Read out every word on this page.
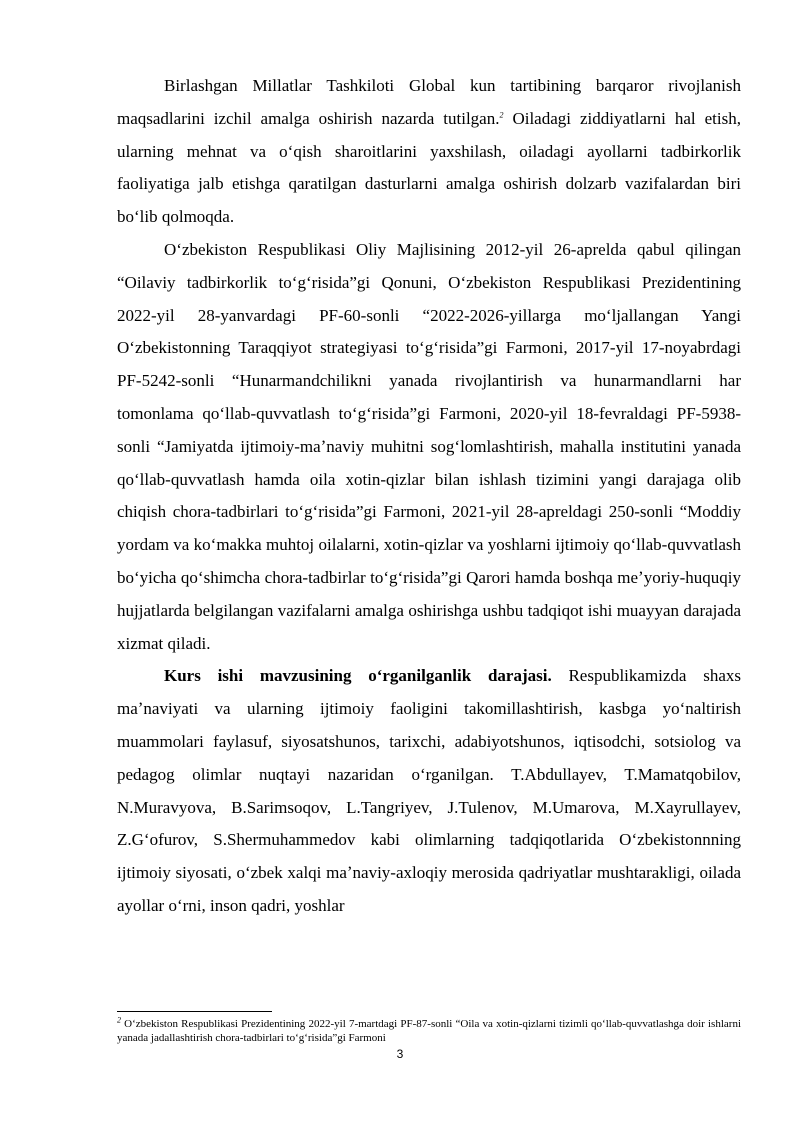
Birlashgan Millatlar Tashkiloti Global kun tartibining barqaror rivojlanish maqsadlarini izchil amalga oshirish nazarda tutilgan.$^2$ Oiladagi ziddiyatlarni hal etish, ularning mehnat va oʻqish sharoitlarini yaxshilash, oiladagi ayollarni tadbirkorlik faoliyatiga jalb etishga qaratilgan dasturlarni amalga oshirish dolzarb vazifalardan biri boʻlib qolmoqda.

Oʻzbekiston Respublikasi Oliy Majlisining 2012-yil 26-aprelda qabul qilingan “Oilaviy tadbirkorlik toʻgʻrisida”gi Qonuni, Oʻzbekiston Respublikasi Prezidentining 2022-yil 28-yanvardagi PF-60-sonli “2022-2026-yillarga moʻljallangan Yangi Oʻzbekistonning Taraqqiyot strategiyasi toʻgʻrisida”gi Farmoni, 2017-yil 17-noyabrdagi PF-5242-sonli “Hunarmandchilikni yanada rivojlantirish va hunarmandlarni har tomonlama qoʻllab-quvvatlash toʻgʻrisida”gi Farmoni, 2020-yil 18-fevraldagi PF-5938-sonli “Jamiyatda ijtimoiy-maʼnaviy muhitni sogʻlomlashtirish, mahalla institutini yanada qoʻllab-quvvatlash hamda oila xotin-qizlar bilan ishlash tizimini yangi darajaga olib chiqish chora-tadbirlari toʻgʻrisida”gi Farmoni, 2021-yil 28-apreldagi 250-sonli “Moddiy yordam va koʻmakka muhtoj oilalarni, xotin-qizlar va yoshlarni ijtimoiy qoʻllab-quvvatlash boʻyicha qoʻshimcha chora-tadbirlar toʻgʻrisida”gi Qarori hamda boshqa meʼyoriy-huquqiy hujjatlarda belgilangan vazifalarni amalga oshirishga ushbu tadqiqot ishi muayyan darajada xizmat qiladi.

Kurs ishi mavzusining oʻrganilganlik darajasi. Respublikamizda shaxs maʼnaviyati va ularning ijtimoiy faoligini takomillashtirish, kasbga yoʻnaltirish muammolari faylasuf, siyosatshunos, tarixchi, adabiyotshunos, iqtisodchi, sotsiolog va pedagog olimlar nuqtayi nazaridan oʻrganilgan. T.Abdullayev, T.Mamatqobilov, N.Muravyova, B.Sarimsoqov, L.Tangriyev, J.Tulenov, M.Umarova, M.Xayrullayev, Z.Gʻofurov, S.Shermuhammedov kabi olimlarning tadqiqotlarida Oʻzbekistonnning ijtimoiy siyosati, oʻzbek xalqi maʼnaviy-axloqiy merosida qadriyatlar mushtarakligi, oilada ayollar oʻrni, inson qadri, yoshlar

$^2$ Oʻzbekiston Respublikasi Prezidentining 2022-yil 7-martdagi PF-87-sonli “Oila va xotin-qizlarni tizimli qoʻllab-quvvatlashga doir ishlarni yanada jadallashtirish chora-tadbirlari toʻgʻrisida”gi Farmoni
3
